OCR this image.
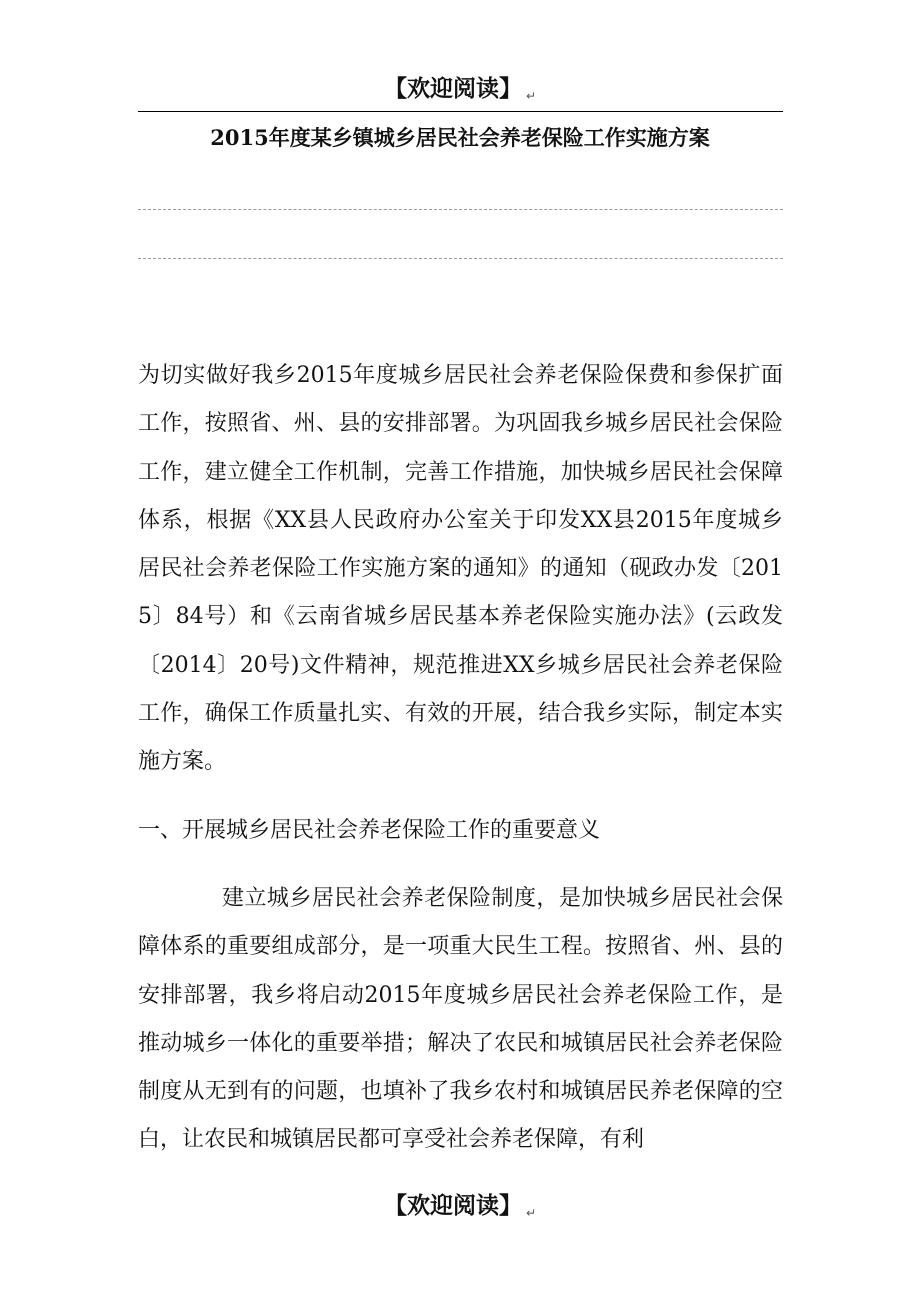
【欢迎阅读】 ↵
2015年度某乡镇城乡居民社会养老保险工作实施方案

为切实做好我乡2015年度城乡居民社会养老保险保费和参保扩面工作，按照省、州、县的安排部署。为巩固我乡城乡居民社会保险工作，建立健全工作机制，完善工作措施，加快城乡居民社会保障体系，根据《XX县人民政府办公室关于印发XX县2015年度城乡居民社会养老保险工作实施方案的通知》的通知（砚政办发〔2015〕84号）和《云南省城乡居民基本养老保险实施办法》(云政发〔2014〕20号)文件精神，规范推进XX乡城乡居民社会养老保险工作，确保工作质量扎实、有效的开展，结合我乡实际，制定本实施方案。

一、开展城乡居民社会养老保险工作的重要意义

建立城乡居民社会养老保险制度，是加快城乡居民社会保障体系的重要组成部分，是一项重大民生工程。按照省、州、县的安排部署，我乡将启动2015年度城乡居民社会养老保险工作，是推动城乡一体化的重要举措；解决了农民和城镇居民社会养老保险制度从无到有的问题，也填补了我乡农村和城镇居民养老保障的空白，让农民和城镇居民都可享受社会养老保障，有利

【欢迎阅读】 ↵
